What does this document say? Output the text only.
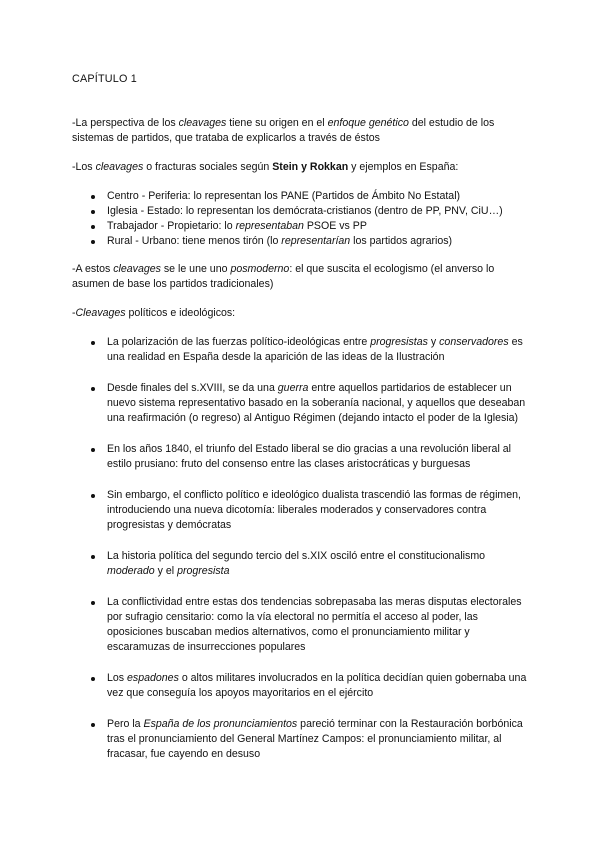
CAPÍTULO 1

-La perspectiva de los cleavages tiene su origen en el enfoque genético del estudio de los sistemas de partidos, que trataba de explicarlos a través de éstos

-Los cleavages o fracturas sociales según Stein y Rokkan y ejemplos en España:

Centro - Periferia: lo representan los PANE (Partidos de Ámbito No Estatal)
Iglesia - Estado: lo representan los demócrata-cristianos (dentro de PP, PNV, CiU…)
Trabajador - Propietario: lo representaban PSOE vs PP
Rural - Urbano: tiene menos tirón (lo representarían los partidos agrarios)

-A estos cleavages se le une uno posmoderno: el que suscita el ecologismo (el anverso lo asumen de base los partidos tradicionales)

-Cleavages políticos e ideológicos:

La polarización de las fuerzas político-ideológicas entre progresistas y conservadores es una realidad en España desde la aparición de las ideas de la Ilustración
Desde finales del s.XVIII, se da una guerra entre aquellos partidarios de establecer un nuevo sistema representativo basado en la soberanía nacional, y aquellos que deseaban una reafirmación (o regreso) al Antiguo Régimen (dejando intacto el poder de la Iglesia)
En los años 1840, el triunfo del Estado liberal se dio gracias a una revolución liberal al estilo prusiano: fruto del consenso entre las clases aristocráticas y burguesas
Sin embargo, el conflicto político e ideológico dualista trascendió las formas de régimen, introduciendo una nueva dicotomía: liberales moderados y conservadores contra progresistas y demócratas
La historia política del segundo tercio del s.XIX osciló entre el constitucionalismo moderado y el progresista
La conflictividad entre estas dos tendencias sobrepasaba las meras disputas electorales por sufragio censitario: como la vía electoral no permitía el acceso al poder, las oposiciones buscaban medios alternativos, como el pronunciamiento militar y escaramuzas de insurrecciones populares
Los espadones o altos militares involucrados en la política decidían quien gobernaba una vez que conseguía los apoyos mayoritarios en el ejército
Pero la España de los pronunciamientos pareció terminar con la Restauración borbónica tras el pronunciamiento del General Martínez Campos: el pronunciamiento militar, al fracasar, fue cayendo en desuso
